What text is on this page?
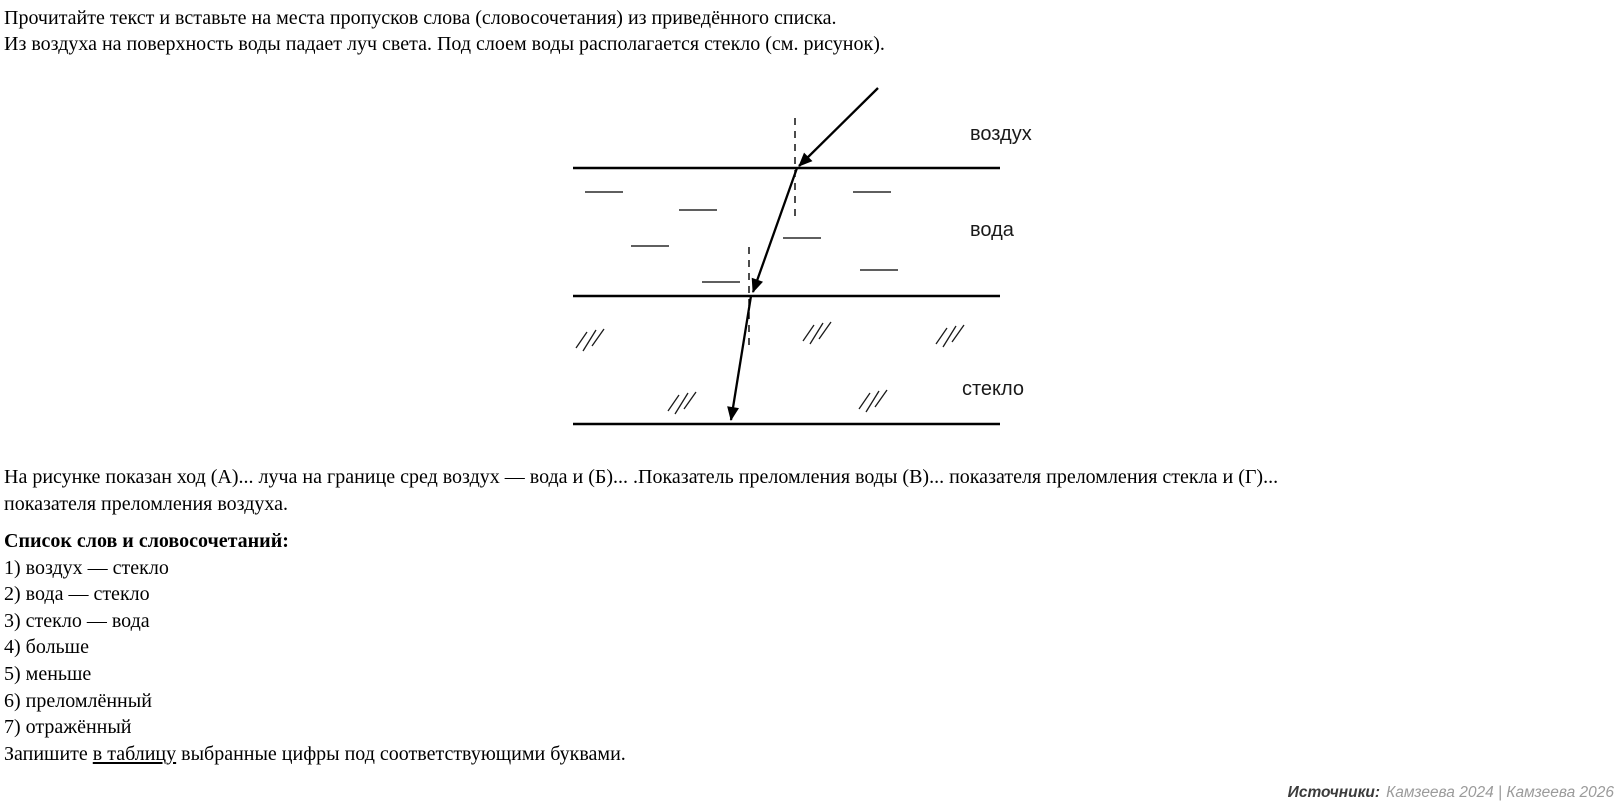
Прочитайте текст и вставьте на места пропусков слова (словосочетания) из приведённого списка.
Из воздуха на поверхность воды падает луч света. Под слоем воды располагается стекло (см. рисунок).
воздух
вода
стекло
На рисунке показан ход (А)... луча на границе сред воздух — вода и (Б)... .Показатель преломления воды (В)... показателя преломления стекла и (Г)...
показателя преломления воздуха.
Список слов и словосочетаний:
1) воздух — стекло
2) вода — стекло
3) стекло — вода
4) больше
5) меньше
6) преломлённый
7) отражённый
Запишите в таблицу выбранные цифры под соответствующими буквами.
Источники: Камзеева 2024 | Камзеева 2026
